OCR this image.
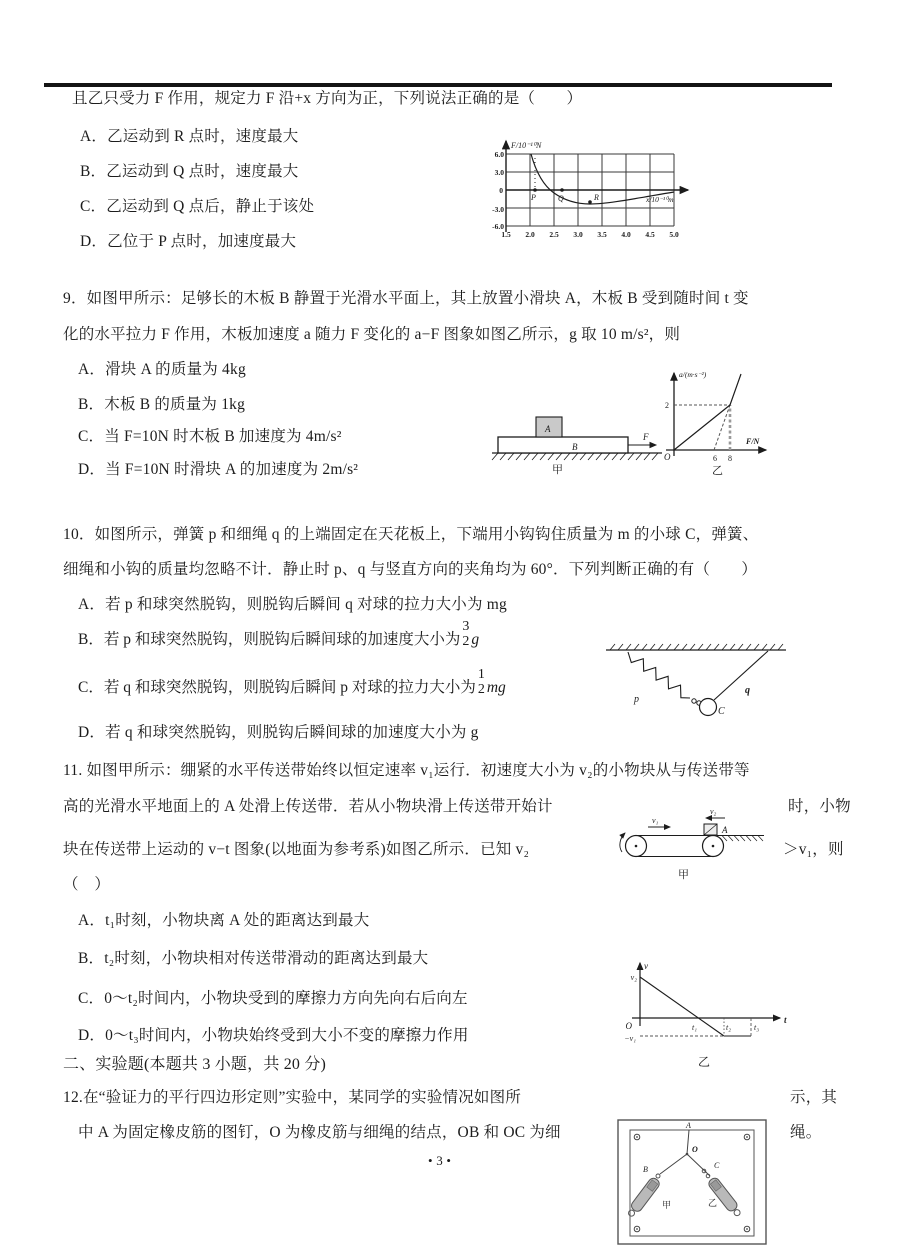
且乙只受力 F 作用，规定力 F 沿+x 方向为正，下列说法正确的是（　　）
A．乙运动到 R 点时，速度最大
B．乙运动到 Q 点时，速度最大
C．乙运动到 Q 点后，静止于该处
D．乙位于 P 点时，加速度最大
F/10⁻¹⁰N
x/10⁻¹⁰m
6.0
3.0
0
-3.0
-6.0
1.5 2.0 2.5 3.0 3.5 4.0 4.5 5.0
P	Q	R
9．如图甲所示：足够长的木板 B 静置于光滑水平面上，其上放置小滑块 A，木板 B 受到随时间 t 变
化的水平拉力 F 作用，木板加速度 a 随力 F 变化的 a−F 图象如图乙所示，g 取 10 m/s²，则
A．滑块 A 的质量为 4kg
B．木板 B 的质量为 1kg
C．当 F=10N 时木板 B 加速度为 4m/s²
D．当 F=10N 时滑块 A 的加速度为 2m/s²
A
B
F
甲
a/(m·s⁻²)
F/N
O
2
6 8
乙
10．如图所示，弹簧 p 和细绳 q 的上端固定在天花板上，下端用小钩钩住质量为 m 的小球 C，弹簧、
细绳和小钩的质量均忽略不计．静止时 p、q 与竖直方向的夹角均为 60°．下列判断正确的有（　　）
A．若 p 和球突然脱钩，则脱钩后瞬间 q 对球的拉力大小为 mg
B．若 p 和球突然脱钩，则脱钩后瞬间球的加速度大小为
3
2 g
C．若 q 和球突然脱钩，则脱钩后瞬间 p 对球的拉力大小为
1
2 mg
D．若 q 和球突然脱钩，则脱钩后瞬间球的加速度大小为 g
p
q
C
11. 如图甲所示：绷紧的水平传送带始终以恒定速率 v₁运行．初速度大小为 v₂的小物块从与传送带等
高的光滑水平地面上的 A 处滑上传送带．若从小物块滑上传送带开始计	时，小物
块在传送带上运动的 v−t 图象(以地面为参考系)如图乙所示．已知 v₂	＞v₁，则
（　）
v₁
v₂
A
甲
A．t₁时刻，小物块离 A 处的距离达到最大
B．t₂时刻，小物块相对传送带滑动的距离达到最大
C．0～t₂时间内，小物块受到的摩擦力方向先向右后向左
D．0～t₃时间内，小物块始终受到大小不变的摩擦力作用
v
t
v₂
O
−v₁
t₁	t₂	t₃
乙
二、实验题(本题共 3 小题，共 20 分)
12.在“验证力的平行四边形定则”实验中，某同学的实验情况如图所	示，其
中 A 为固定橡皮筋的图钉，O 为橡皮筋与细绳的结点，OB 和 OC 为细	绳。
A
O
B	C
甲	乙
• 3 •
